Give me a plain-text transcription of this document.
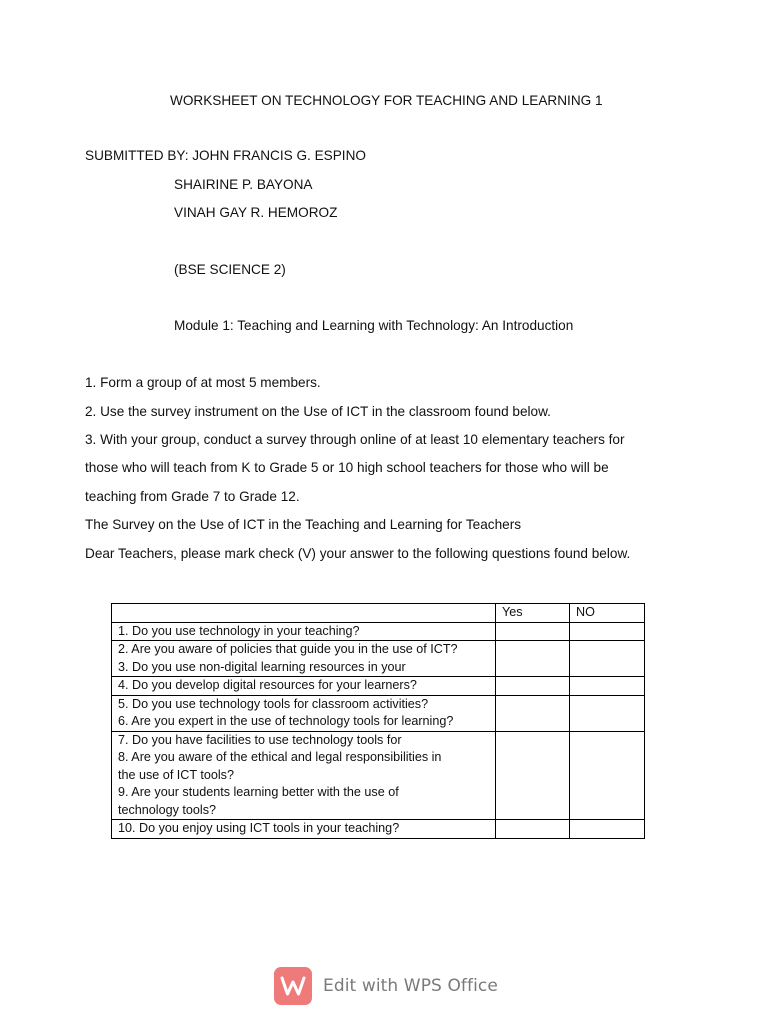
WORKSHEET ON TECHNOLOGY FOR TEACHING AND LEARNING 1
SUBMITTED BY: JOHN FRANCIS G. ESPINO
SHAIRINE P. BAYONA
VINAH GAY R. HEMOROZ
(BSE SCIENCE 2)
Module 1: Teaching and Learning with Technology: An Introduction
1. Form a group of at most 5 members.
2. Use the survey instrument on the Use of ICT in the classroom found below.
3. With your group, conduct a survey through online of at least 10 elementary teachers for
those who will teach from K to Grade 5 or 10 high school teachers for those who will be
teaching from Grade 7 to Grade 12.
The Survey on the Use of ICT in the Teaching and Learning for Teachers
Dear Teachers, please mark check (V) your answer to the following questions found below.
	Yes	NO

1. Do you use technology in your teaching?		

2. Are you aware of policies that guide you in the use of ICT?
3. Do you use non-digital learning resources in your		

4. Do you develop digital resources for your learners?		

5. Do you use technology tools for classroom activities?
6. Are you expert in the use of technology tools for learning?		

7. Do you have facilities to use technology tools for
8. Are you aware of the ethical and legal responsibilities in
the use of ICT tools?
9. Are your students learning better with the use of
technology tools?		

10. Do you enjoy using ICT tools in your teaching?		

Edit with WPS Office
